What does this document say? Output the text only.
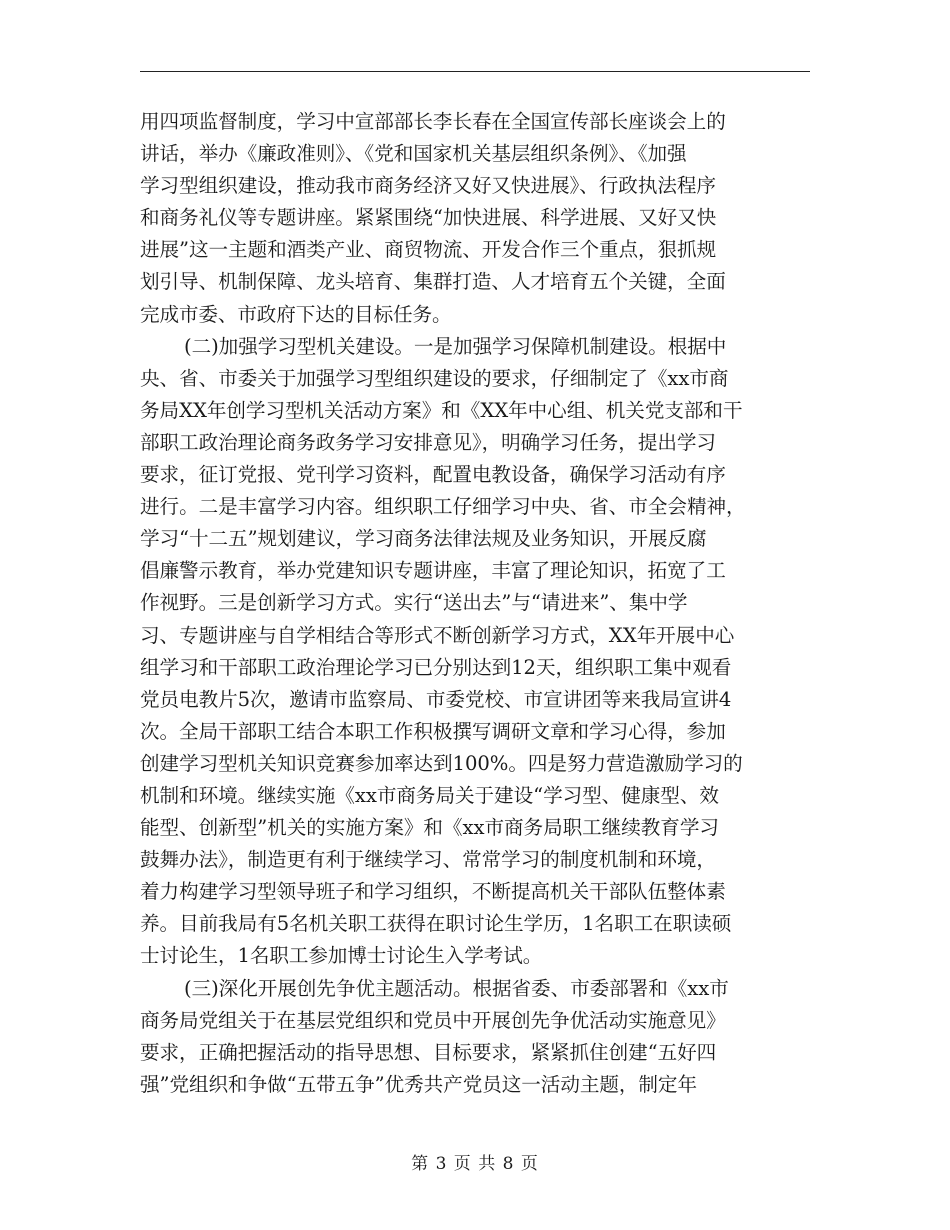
用四项监督制度，学习中宣部部长李长春在全国宣传部长座谈会上的
讲话，举办《廉政准则》、《党和国家机关基层组织条例》、《加强
学习型组织建设，推动我市商务经济又好又快进展》、行政执法程序
和商务礼仪等专题讲座。紧紧围绕“加快进展、科学进展、又好又快
进展”这一主题和酒类产业、商贸物流、开发合作三个重点，狠抓规
划引导、机制保障、龙头培育、集群打造、人才培育五个关键，全面
完成市委、市政府下达的目标任务。
(二)加强学习型机关建设。一是加强学习保障机制建设。根据中
央、省、市委关于加强学习型组织建设的要求，仔细制定了《xx市商
务局XX年创学习型机关活动方案》和《XX年中心组、机关党支部和干
部职工政治理论商务政务学习安排意见》，明确学习任务，提出学习
要求，征订党报、党刊学习资料，配置电教设备，确保学习活动有序
进行。二是丰富学习内容。组织职工仔细学习中央、省、市全会精神，
学习“十二五”规划建议，学习商务法律法规及业务知识，开展反腐
倡廉警示教育，举办党建知识专题讲座，丰富了理论知识，拓宽了工
作视野。三是创新学习方式。实行“送出去”与“请进来”、集中学
习、专题讲座与自学相结合等形式不断创新学习方式，XX年开展中心
组学习和干部职工政治理论学习已分别达到12天，组织职工集中观看
党员电教片5次，邀请市监察局、市委党校、市宣讲团等来我局宣讲4
次。全局干部职工结合本职工作积极撰写调研文章和学习心得，参加
创建学习型机关知识竞赛参加率达到100%。四是努力营造激励学习的
机制和环境。继续实施《xx市商务局关于建设“学习型、健康型、效
能型、创新型”机关的实施方案》和《xx市商务局职工继续教育学习
鼓舞办法》，制造更有利于继续学习、常常学习的制度机制和环境，
着力构建学习型领导班子和学习组织，不断提高机关干部队伍整体素
养。目前我局有5名机关职工获得在职讨论生学历，1名职工在职读硕
士讨论生，1名职工参加博士讨论生入学考试。
(三)深化开展创先争优主题活动。根据省委、市委部署和《xx市
商务局党组关于在基层党组织和党员中开展创先争优活动实施意见》
要求，正确把握活动的指导思想、目标要求，紧紧抓住创建“五好四
强”党组织和争做“五带五争”优秀共产党员这一活动主题，制定年
第 3 页 共 8 页
